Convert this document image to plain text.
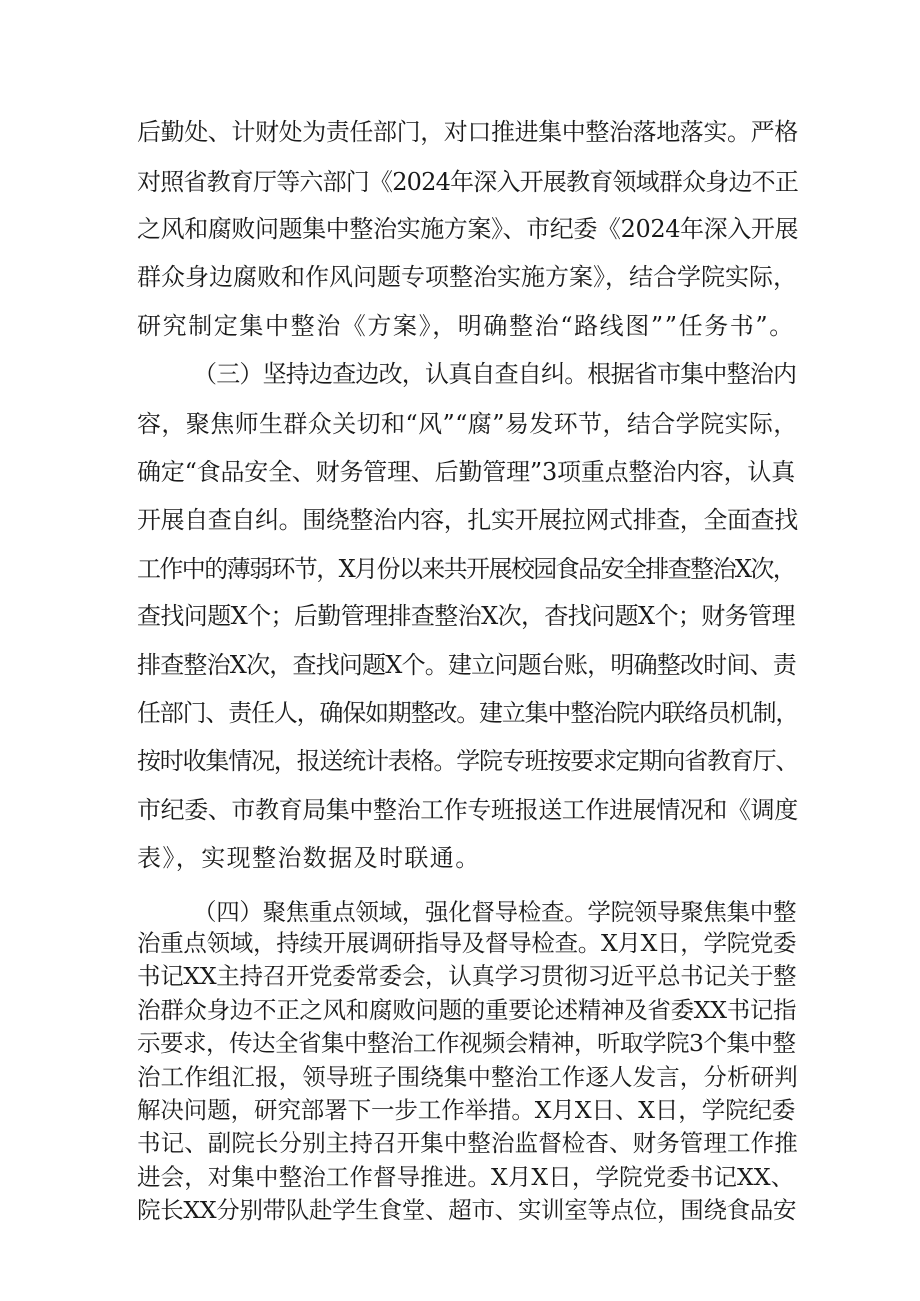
后勤处、计财处为责任部门，对口推进集中整治落地落实。严格
对照省教育厅等六部门《2024年深入开展教育领域群众身边不正
之风和腐败问题集中整治实施方案》、市纪委《2024年深入开展
群众身边腐败和作风问题专项整治实施方案》，结合学院实际，
研究制定集中整治《方案》，明确整治“路线图””任务书”。
（三）坚持边查边改，认真自查自纠。根据省市集中整治内
容，聚焦师生群众关切和“风”“腐”易发环节，结合学院实际，
确定“食品安全、财务管理、后勤管理”3项重点整治内容，认真
开展自查自纠。围绕整治内容，扎实开展拉网式排查，全面查找
工作中的薄弱环节，X月份以来共开展校园食品安全排查整治X次，
查找问题X个；后勤管理排查整治X次，杳找问题X个；财务管理
排查整治X次，查找问题X个。建立问题台账，明确整改时间、责
任部门、责任人，确保如期整改。建立集中整治院内联络员机制，
按时收集情况，报送统计表格。学院专班按要求定期向省教育厅、
市纪委、市教育局集中整治工作专班报送工作进展情况和《调度
表》，实现整治数据及时联通。
（四）聚焦重点领域，强化督导检查。学院领导聚焦集中整
治重点领域，持续开展调研指导及督导检查。X月X日，学院党委
书记XX主持召开党委常委会，认真学习贯彻习近平总书记关于整
治群众身边不正之风和腐败问题的重要论述精神及省委XX书记指
示要求，传达全省集中整治工作视频会精神，听取学院3个集中整
治工作组汇报，领导班子围绕集中整治工作逐人发言，分析研判
解决问题，研究部署下一步工作举措。X月X日、X日，学院纪委
书记、副院长分别主持召开集中整治监督检杳、财务管理工作推
进会，对集中整治工作督导推进。X月X日，学院党委书记XX、
院长XX分别带队赴学生食堂、超市、实训室等点位，围绕食品安
